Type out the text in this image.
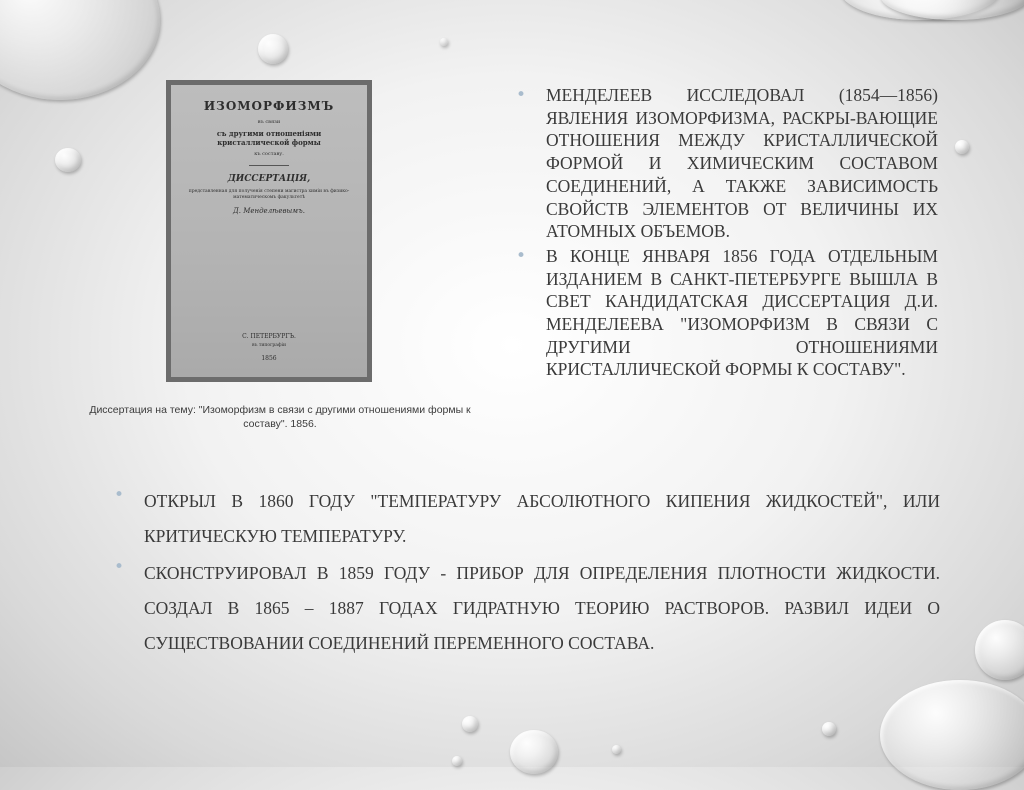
ИЗОМОРФИЗМЪ
въ связи
съ другими отношеніями кристаллической формы
къ составу.
ДИССЕРТАЦІЯ,
представленная для полученія степени магистра химіи въ физико-математическомъ факультетѣ
Д. Менделѣевымъ.
С. ПЕТЕРБУРГЪ.
въ типографіи
1856
Диссертация на тему: "Изоморфизм в связи с другими отношениями формы к составу". 1856.
• МЕНДЕЛЕЕВ ИССЛЕДОВАЛ (1854—1856) ЯВЛЕНИЯ ИЗОМОРФИЗМА, РАСКРЫ-ВАЮЩИЕ ОТНОШЕНИЯ МЕЖДУ КРИСТАЛЛИЧЕСКОЙ ФОРМОЙ И ХИМИЧЕСКИМ СОСТАВОМ СОЕДИНЕНИЙ, А ТАКЖЕ ЗАВИСИМОСТЬ СВОЙСТВ ЭЛЕМЕНТОВ ОТ ВЕЛИЧИНЫ ИХ АТОМНЫХ ОБЪЕМОВ.

• В КОНЦЕ ЯНВАРЯ 1856 ГОДА ОТДЕЛЬНЫМ ИЗДАНИЕМ В САНКТ-ПЕТЕРБУРГЕ ВЫШЛА В СВЕТ КАНДИДАТСКАЯ ДИССЕРТАЦИЯ Д.И. МЕНДЕЛЕЕВА "ИЗОМОРФИЗМ В СВЯЗИ С ДРУГИМИ ОТНОШЕНИЯМИ КРИСТАЛЛИЧЕСКОЙ ФОРМЫ К СОСТАВУ".

• ОТКРЫЛ В 1860 ГОДУ "ТЕМПЕРАТУРУ АБСОЛЮТНОГО КИПЕНИЯ ЖИДКОСТЕЙ", ИЛИ КРИТИЧЕСКУЮ ТЕМПЕРАТУРУ.

• СКОНСТРУИРОВАЛ В 1859 ГОДУ - ПРИБОР ДЛЯ ОПРЕДЕЛЕНИЯ ПЛОТНОСТИ ЖИДКОСТИ. СОЗДАЛ В 1865 – 1887 ГОДАХ ГИДРАТНУЮ ТЕОРИЮ РАСТВОРОВ. РАЗВИЛ ИДЕИ О СУЩЕСТВОВАНИИ СОЕДИНЕНИЙ ПЕРЕМЕННОГО СОСТАВА.
